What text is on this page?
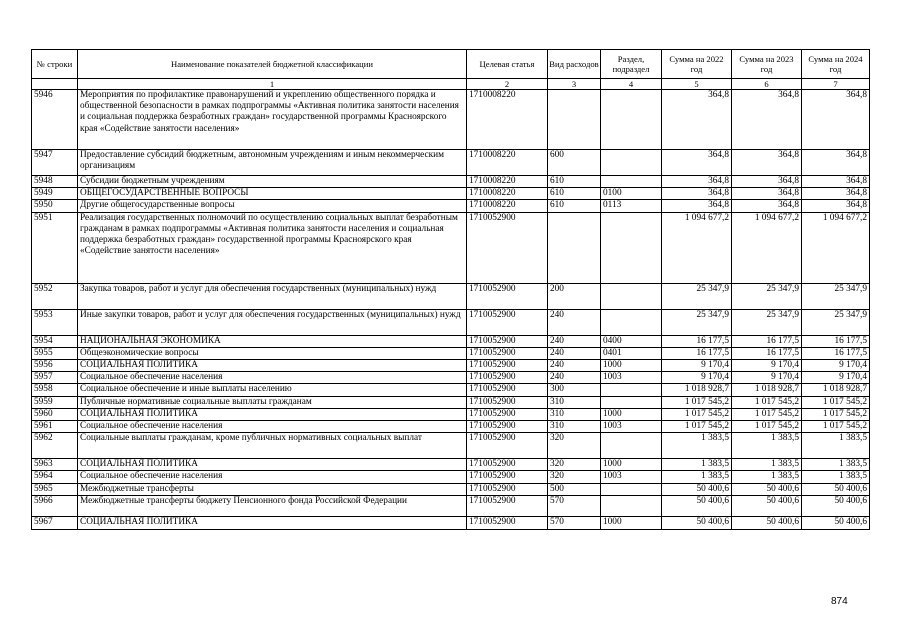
№ строки	Наименование показателей бюджетной классификации	Целевая статья	Вид расходов	Раздел, подраздел	Сумма на 2022 год	Сумма на 2023 год	Сумма на 2024 год
	1	2	3	4	5	6	7
5946	Мероприятия по профилактике правонарушений и укреплению общественного порядка и общественной безопасности в рамках подпрограммы «Активная политика занятости населения и социальная поддержка безработных граждан» государственной программы Красноярского края «Содействие занятости населения»	1710008220			364,8	364,8	364,8
5947	Предоставление субсидий бюджетным, автономным учреждениям и иным некоммерческим организациям	1710008220	600		364,8	364,8	364,8
5948	Субсидии бюджетным учреждениям	1710008220	610		364,8	364,8	364,8
5949	ОБЩЕГОСУДАРСТВЕННЫЕ ВОПРОСЫ	1710008220	610	0100	364,8	364,8	364,8
5950	Другие общегосударственные вопросы	1710008220	610	0113	364,8	364,8	364,8
5951	Реализация государственных полномочий по осуществлению социальных выплат безработным гражданам в рамках подпрограммы «Активная политика занятости населения и социальная поддержка безработных граждан» государственной программы Красноярского края «Содействие занятости населения»	1710052900			1 094 677,2	1 094 677,2	1 094 677,2
5952	Закупка товаров, работ и услуг для обеспечения государственных (муниципальных) нужд	1710052900	200		25 347,9	25 347,9	25 347,9
5953	Иные закупки товаров, работ и услуг для обеспечения государственных (муниципальных) нужд	1710052900	240		25 347,9	25 347,9	25 347,9
5954	НАЦИОНАЛЬНАЯ ЭКОНОМИКА	1710052900	240	0400	16 177,5	16 177,5	16 177,5
5955	Общеэкономические вопросы	1710052900	240	0401	16 177,5	16 177,5	16 177,5
5956	СОЦИАЛЬНАЯ ПОЛИТИКА	1710052900	240	1000	9 170,4	9 170,4	9 170,4
5957	Социальное обеспечение населения	1710052900	240	1003	9 170,4	9 170,4	9 170,4
5958	Социальное обеспечение и иные выплаты населению	1710052900	300		1 018 928,7	1 018 928,7	1 018 928,7
5959	Публичные нормативные социальные выплаты гражданам	1710052900	310		1 017 545,2	1 017 545,2	1 017 545,2
5960	СОЦИАЛЬНАЯ ПОЛИТИКА	1710052900	310	1000	1 017 545,2	1 017 545,2	1 017 545,2
5961	Социальное обеспечение населения	1710052900	310	1003	1 017 545,2	1 017 545,2	1 017 545,2
5962	Социальные выплаты гражданам, кроме публичных нормативных социальных выплат	1710052900	320		1 383,5	1 383,5	1 383,5
5963	СОЦИАЛЬНАЯ ПОЛИТИКА	1710052900	320	1000	1 383,5	1 383,5	1 383,5
5964	Социальное обеспечение населения	1710052900	320	1003	1 383,5	1 383,5	1 383,5
5965	Межбюджетные трансферты	1710052900	500		50 400,6	50 400,6	50 400,6
5966	Межбюджетные трансферты бюджету Пенсионного фонда Российской Федерации	1710052900	570		50 400,6	50 400,6	50 400,6
5967	СОЦИАЛЬНАЯ ПОЛИТИКА	1710052900	570	1000	50 400,6	50 400,6	50 400,6
874
